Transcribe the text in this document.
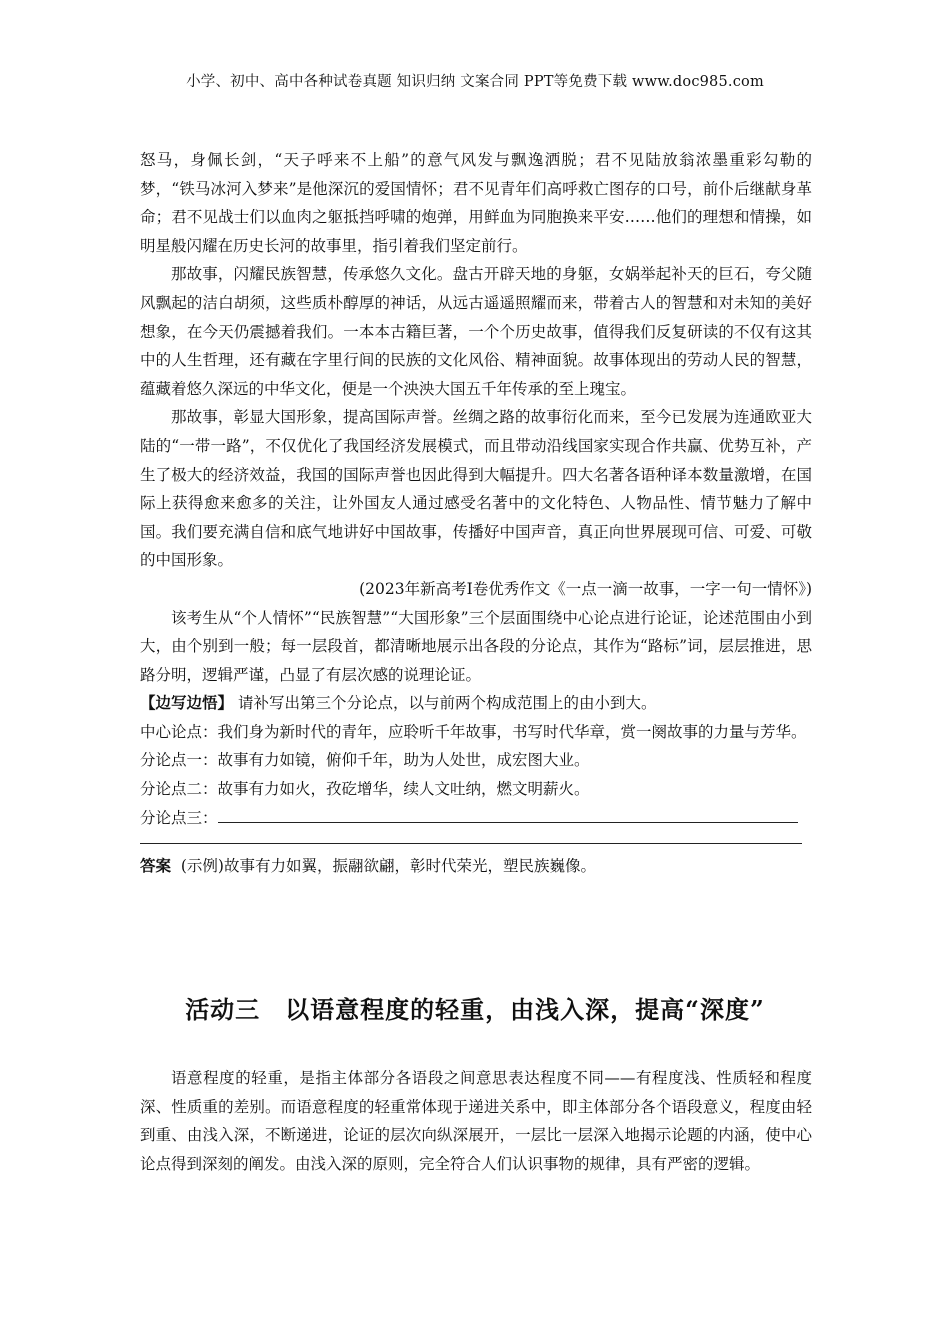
小学、初中、高中各种试卷真题 知识归纳 文案合同 PPT等免费下载 www.doc985.com

怒马，身佩长剑，“天子呼来不上船”的意气风发与飘逸洒脱；君不见陆放翁浓墨重彩勾勒的梦，“铁马冰河入梦来”是他深沉的爱国情怀；君不见青年们高呼救亡图存的口号，前仆后继献身革命；君不见战士们以血肉之躯抵挡呼啸的炮弹，用鲜血为同胞换来平安……他们的理想和情操，如明星般闪耀在历史长河的故事里，指引着我们坚定前行。

那故事，闪耀民族智慧，传承悠久文化。盘古开辟天地的身躯，女娲举起补天的巨石，夸父随风飘起的洁白胡须，这些质朴醇厚的神话，从远古遥遥照耀而来，带着古人的智慧和对未知的美好想象，在今天仍震撼着我们。一本本古籍巨著，一个个历史故事，值得我们反复研读的不仅有这其中的人生哲理，还有藏在字里行间的民族的文化风俗、精神面貌。故事体现出的劳动人民的智慧，蕴藏着悠久深远的中华文化，便是一个泱泱大国五千年传承的至上瑰宝。

那故事，彰显大国形象，提高国际声誉。丝绸之路的故事衍化而来，至今已发展为连通欧亚大陆的“一带一路”，不仅优化了我国经济发展模式，而且带动沿线国家实现合作共赢、优势互补，产生了极大的经济效益，我国的国际声誉也因此得到大幅提升。四大名著各语种译本数量激增，在国际上获得愈来愈多的关注，让外国友人通过感受名著中的文化特色、人物品性、情节魅力了解中国。我们要充满自信和底气地讲好中国故事，传播好中国声音，真正向世界展现可信、可爱、可敬的中国形象。

(2023年新高考Ⅰ卷优秀作文《一点一滴一故事，一字一句一情怀》)

该考生从“个人情怀”“民族智慧”“大国形象”三个层面围绕中心论点进行论证，论述范围由小到大，由个别到一般；每一层段首，都清晰地展示出各段的分论点，其作为“路标”词，层层推进，思路分明，逻辑严谨，凸显了有层次感的说理论证。

【边写边悟】 请补写出第三个分论点，以与前两个构成范围上的由小到大。

中心论点：我们身为新时代的青年，应聆听千年故事，书写时代华章，赏一阕故事的力量与芳华。

分论点一：故事有力如镜，俯仰千年，助为人处世，成宏图大业。

分论点二：故事有力如火，孜矻增华，续人文吐纳，燃文明薪火。

分论点三：

答案 (示例)故事有力如翼，振翮欲翩，彰时代荣光，塑民族巍像。

活动三　以语意程度的轻重，由浅入深，提高“深度”

语意程度的轻重，是指主体部分各语段之间意思表达程度不同——有程度浅、性质轻和程度深、性质重的差别。而语意程度的轻重常体现于递进关系中，即主体部分各个语段意义，程度由轻到重、由浅入深，不断递进，论证的层次向纵深展开，一层比一层深入地揭示论题的内涵，使中心论点得到深刻的阐发。由浅入深的原则，完全符合人们认识事物的规律，具有严密的逻辑。
